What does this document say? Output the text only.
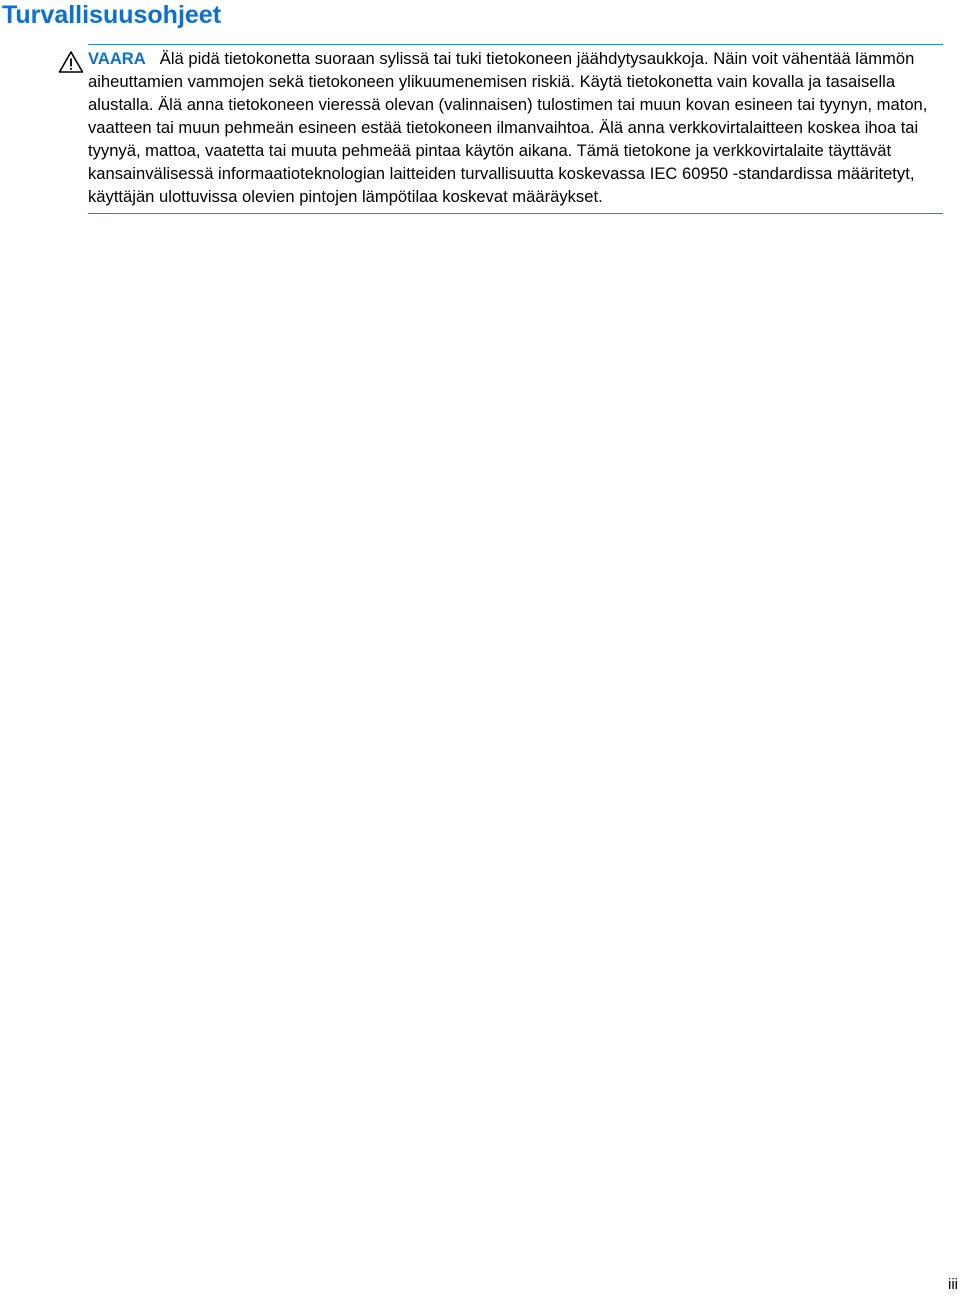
Turvallisuusohjeet

VAARA Älä pidä tietokonetta suoraan sylissä tai tuki tietokoneen jäähdytysaukkoja. Näin voit vähentää lämmön aiheuttamien vammojen sekä tietokoneen ylikuumenemisen riskiä. Käytä tietokonetta vain kovalla ja tasaisella alustalla. Älä anna tietokoneen vieressä olevan (valinnaisen) tulostimen tai muun kovan esineen tai tyynyn, maton, vaatteen tai muun pehmeän esineen estää tietokoneen ilmanvaihtoa. Älä anna verkkovirtalaitteen koskea ihoa tai tyynyä, mattoa, vaatetta tai muuta pehmeää pintaa käytön aikana. Tämä tietokone ja verkkovirtalaite täyttävät kansainvälisessä informaatioteknologian laitteiden turvallisuutta koskevassa IEC 60950 -standardissa määritetyt, käyttäjän ulottuvissa olevien pintojen lämpötilaa koskevat määräykset.

iii
